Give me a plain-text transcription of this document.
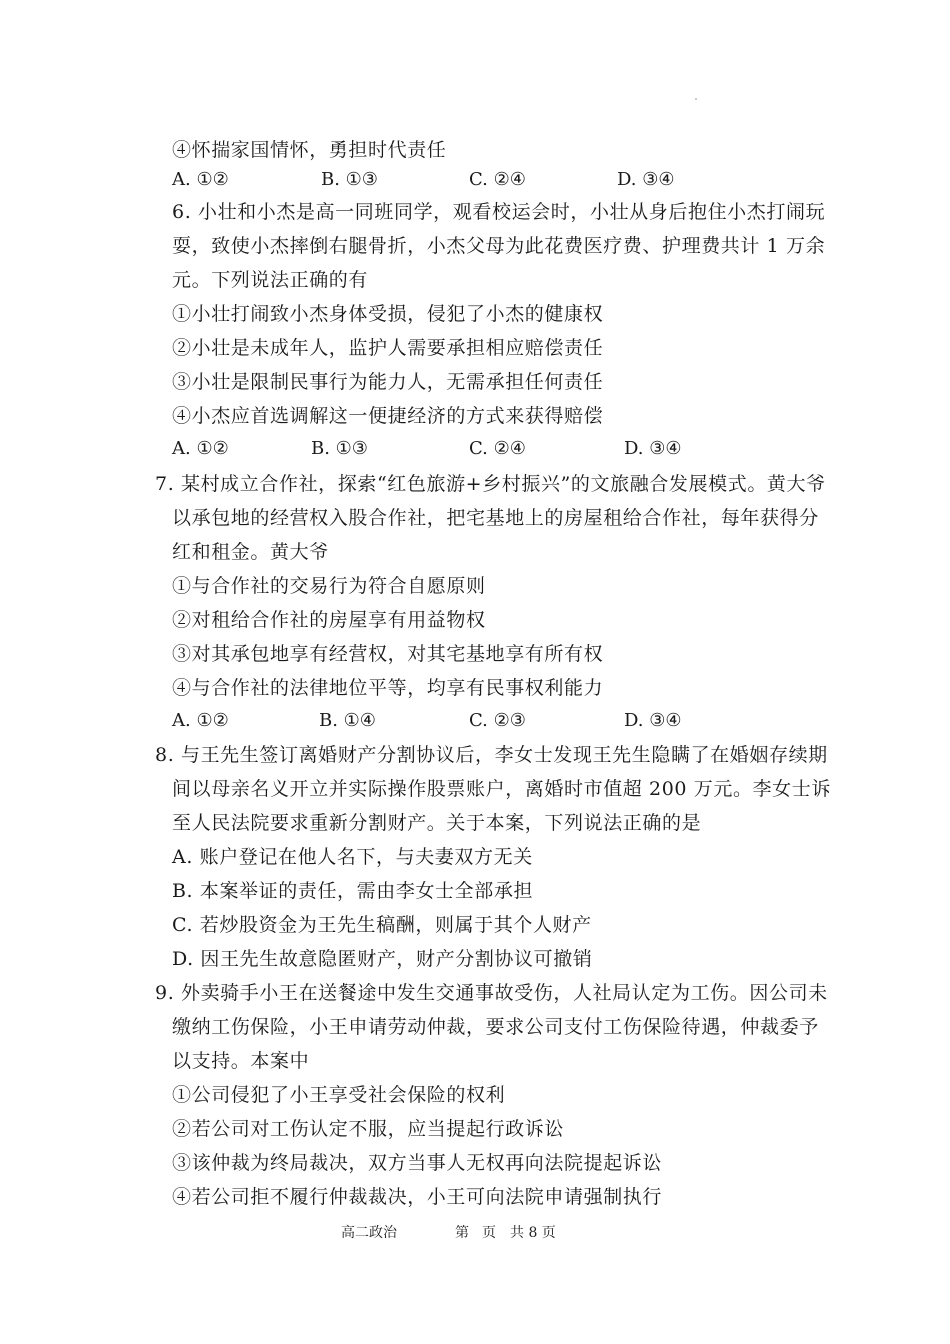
④怀揣家国情怀，勇担时代责任
A. ①②	B. ①③	C. ②④	D. ③④
6. 小壮和小杰是高一同班同学，观看校运会时，小壮从身后抱住小杰打闹玩
耍，致使小杰摔倒右腿骨折，小杰父母为此花费医疗费、护理费共计 1 万余
元。下列说法正确的有
①小壮打闹致小杰身体受损，侵犯了小杰的健康权
②小壮是未成年人，监护人需要承担相应赔偿责任
③小壮是限制民事行为能力人，无需承担任何责任
④小杰应首选调解这一便捷经济的方式来获得赔偿
A. ①②	B. ①③	C. ②④	D. ③④
7. 某村成立合作社，探索“红色旅游+乡村振兴”的文旅融合发展模式。黄大爷
以承包地的经营权入股合作社，把宅基地上的房屋租给合作社，每年获得分
红和租金。黄大爷
①与合作社的交易行为符合自愿原则
②对租给合作社的房屋享有用益物权
③对其承包地享有经营权，对其宅基地享有所有权
④与合作社的法律地位平等，均享有民事权利能力
A. ①②	B. ①④	C. ②③	D. ③④
8. 与王先生签订离婚财产分割协议后，李女士发现王先生隐瞒了在婚姻存续期
间以母亲名义开立并实际操作股票账户，离婚时市值超 200 万元。李女士诉
至人民法院要求重新分割财产。关于本案，下列说法正确的是
A. 账户登记在他人名下，与夫妻双方无关
B. 本案举证的责任，需由李女士全部承担
C. 若炒股资金为王先生稿酬，则属于其个人财产
D. 因王先生故意隐匿财产，财产分割协议可撤销
9. 外卖骑手小王在送餐途中发生交通事故受伤，人社局认定为工伤。因公司未
缴纳工伤保险，小王申请劳动仲裁，要求公司支付工伤保险待遇，仲裁委予
以支持。本案中
①公司侵犯了小王享受社会保险的权利
②若公司对工伤认定不服，应当提起行政诉讼
③该仲裁为终局裁决，双方当事人无权再向法院提起诉讼
④若公司拒不履行仲裁裁决，小王可向法院申请强制执行
高二政治	第 页 共 8 页
